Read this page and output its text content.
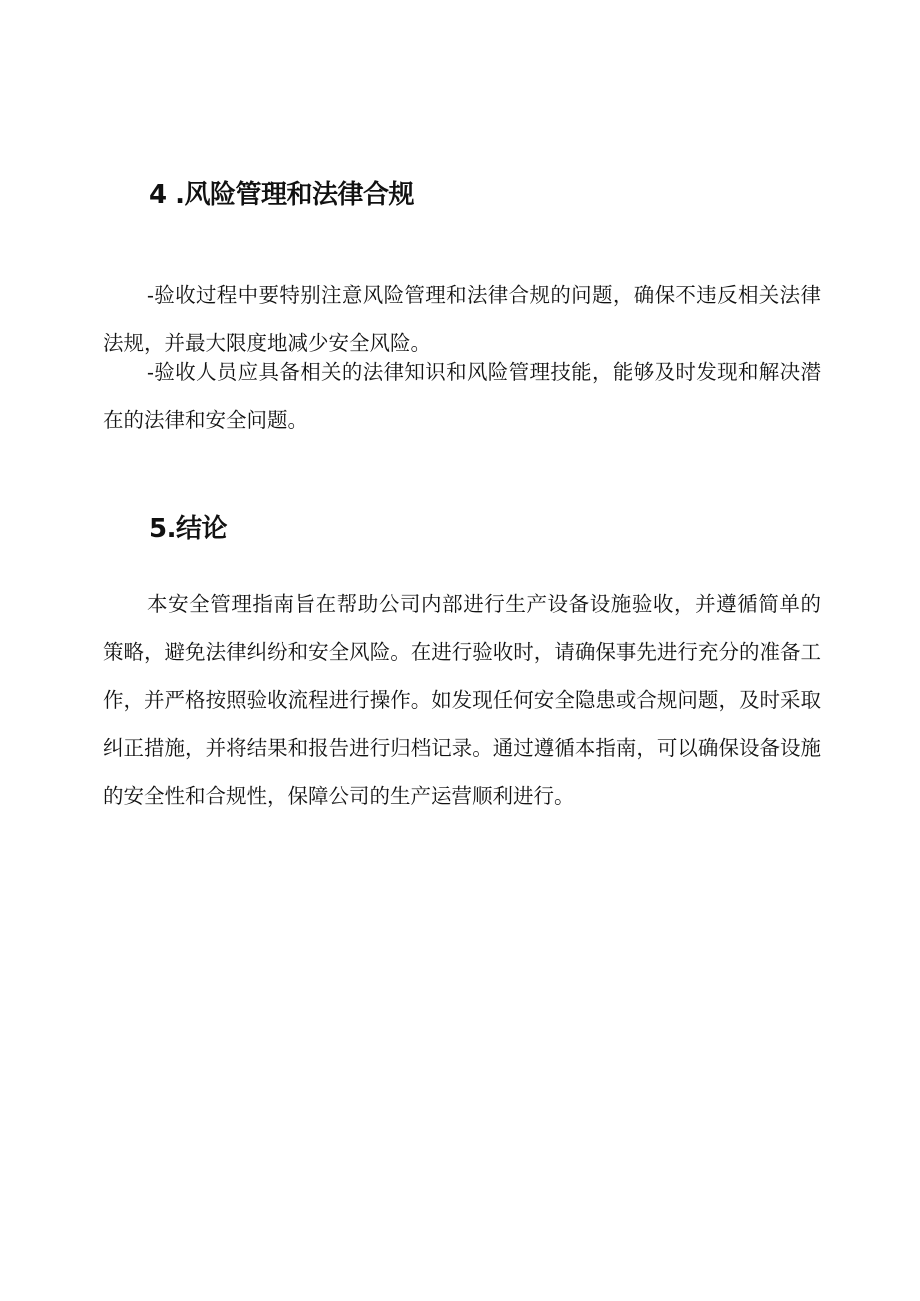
4 .风险管理和法律合规

-验收过程中要特别注意风险管理和法律合规的问题，确保不违反相关法律法规，并最大限度地减少安全风险。

-验收人员应具备相关的法律知识和风险管理技能，能够及时发现和解决潜在的法律和安全问题。

5.结论

本安全管理指南旨在帮助公司内部进行生产设备设施验收，并遵循简单的策略，避免法律纠纷和安全风险。在进行验收时，请确保事先进行充分的准备工作，并严格按照验收流程进行操作。如发现任何安全隐患或合规问题，及时采取纠正措施，并将结果和报告进行归档记录。通过遵循本指南，可以确保设备设施的安全性和合规性，保障公司的生产运营顺利进行。
